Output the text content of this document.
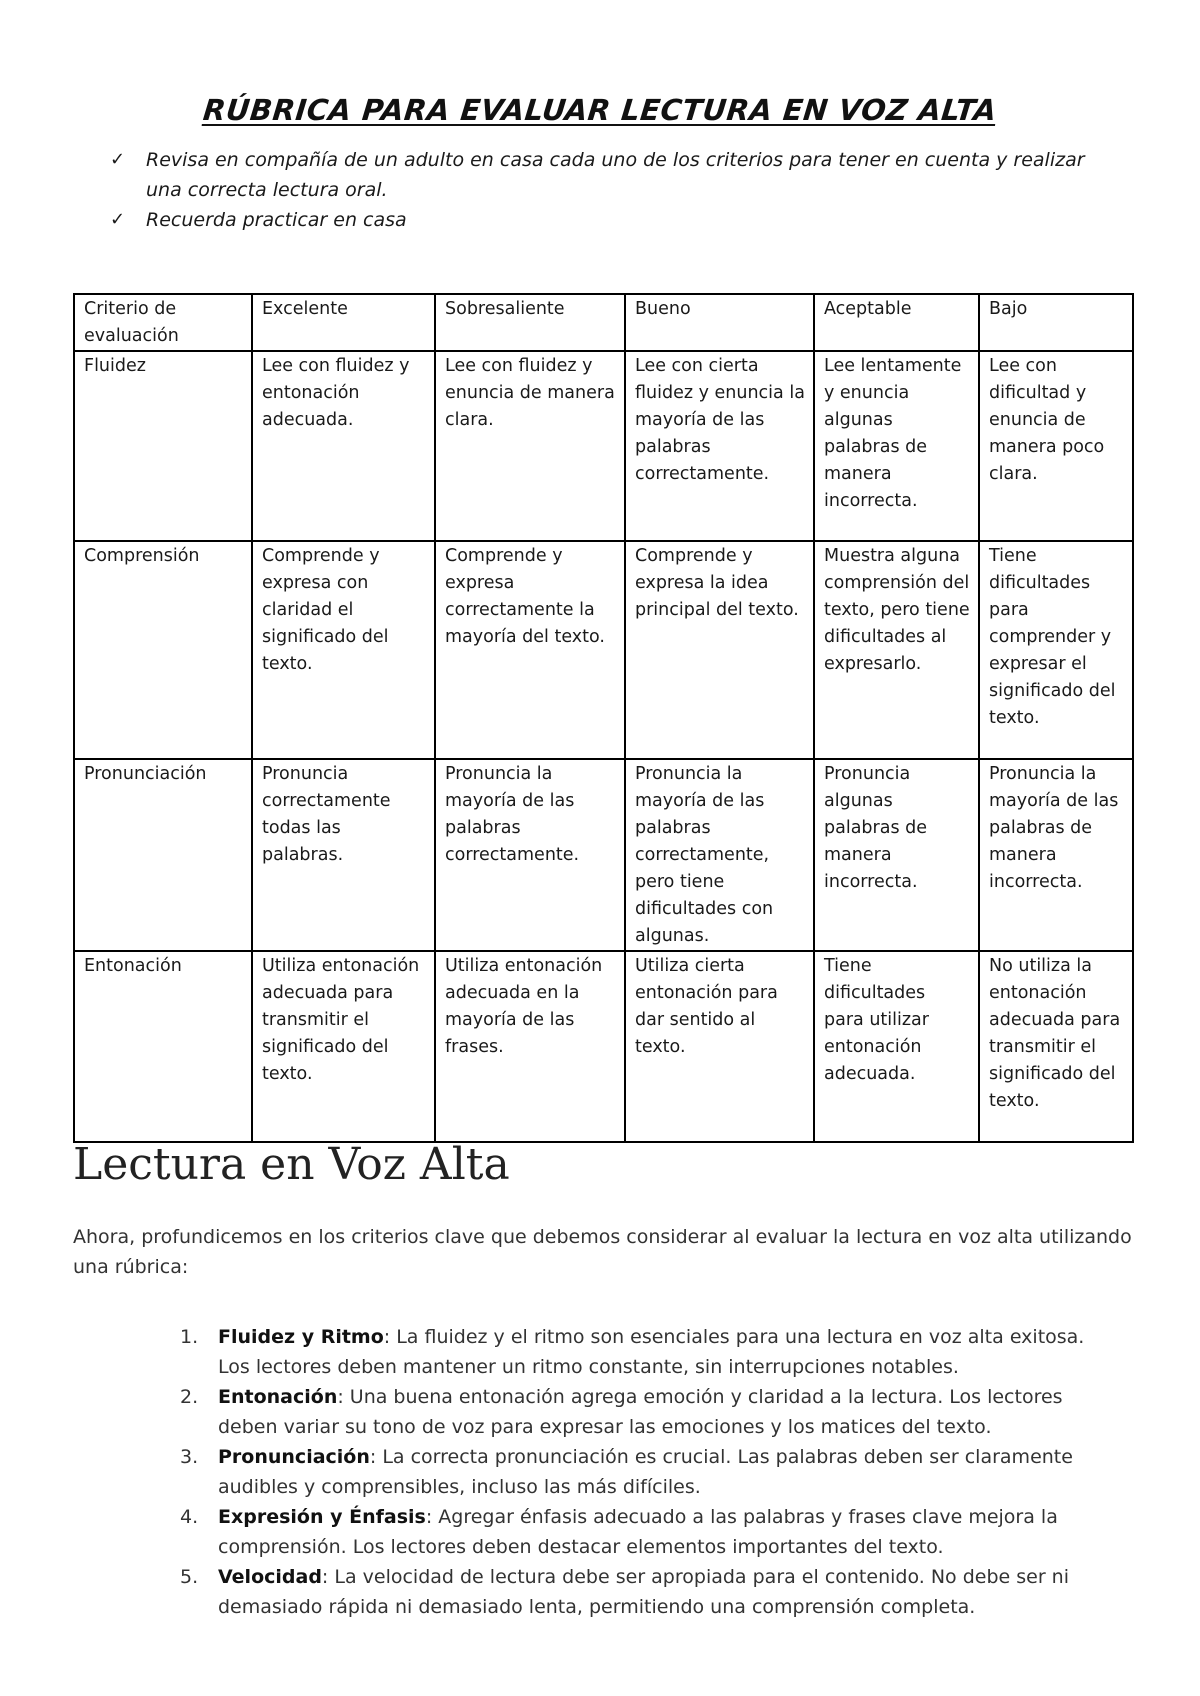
RÚBRICA PARA EVALUAR LECTURA EN VOZ ALTA
✓ Revisa en compañía de un adulto en casa cada uno de los criterios para tener en cuenta y realizar una correcta lectura oral.
✓ Recuerda practicar en casa
Criterio de evaluación	Excelente	Sobresaliente	Bueno	Aceptable	Bajo
Fluidez	Lee con fluidez y entonación adecuada.	Lee con fluidez y enuncia de manera clara.	Lee con cierta fluidez y enuncia la mayoría de las palabras correctamente.	Lee lentamente y enuncia algunas palabras de manera incorrecta.	Lee con dificultad y enuncia de manera poco clara.
Comprensión	Comprende y expresa con claridad el significado del texto.	Comprende y expresa correctamente la mayoría del texto.	Comprende y expresa la idea principal del texto.	Muestra alguna comprensión del texto, pero tiene dificultades al expresarlo.	Tiene dificultades para comprender y expresar el significado del texto.
Pronunciación	Pronuncia correctamente todas las palabras.	Pronuncia la mayoría de las palabras correctamente.	Pronuncia la mayoría de las palabras correctamente, pero tiene dificultades con algunas.	Pronuncia algunas palabras de manera incorrecta.	Pronuncia la mayoría de las palabras de manera incorrecta.
Entonación	Utiliza entonación adecuada para transmitir el significado del texto.	Utiliza entonación adecuada en la mayoría de las frases.	Utiliza cierta entonación para dar sentido al texto.	Tiene dificultades para utilizar entonación adecuada.	No utiliza la entonación adecuada para transmitir el significado del texto.
Lectura en Voz Alta

Ahora, profundicemos en los criterios clave que debemos considerar al evaluar la lectura en voz alta utilizando una rúbrica:

1. Fluidez y Ritmo: La fluidez y el ritmo son esenciales para una lectura en voz alta exitosa. Los lectores deben mantener un ritmo constante, sin interrupciones notables.
2. Entonación: Una buena entonación agrega emoción y claridad a la lectura. Los lectores deben variar su tono de voz para expresar las emociones y los matices del texto.
3. Pronunciación: La correcta pronunciación es crucial. Las palabras deben ser claramente audibles y comprensibles, incluso las más difíciles.
4. Expresión y Énfasis: Agregar énfasis adecuado a las palabras y frases clave mejora la comprensión. Los lectores deben destacar elementos importantes del texto.
5. Velocidad: La velocidad de lectura debe ser apropiada para el contenido. No debe ser ni demasiado rápida ni demasiado lenta, permitiendo una comprensión completa.
